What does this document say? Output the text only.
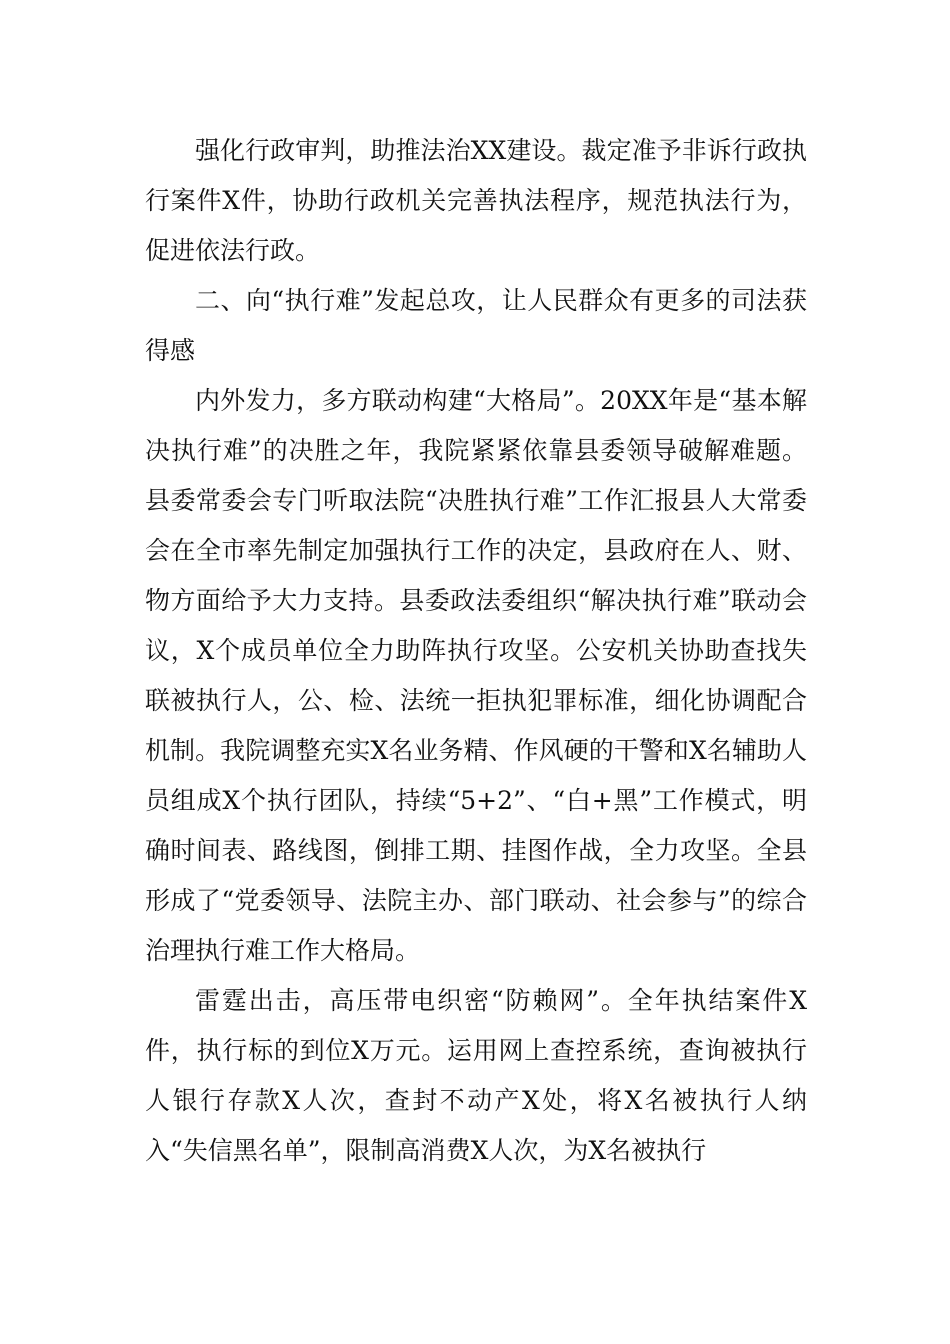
强化行政审判，助推法治XX建设。裁定准予非诉行政执行案件X件，协助行政机关完善执法程序，规范执法行为，促进依法行政。

二、向“执行难”发起总攻，让人民群众有更多的司法获得感

内外发力，多方联动构建“大格局”。20XX年是“基本解决执行难”的决胜之年，我院紧紧依靠县委领导破解难题。县委常委会专门听取法院“决胜执行难”工作汇报县人大常委会在全市率先制定加强执行工作的决定，县政府在人、财、物方面给予大力支持。县委政法委组织“解决执行难”联动会议，X个成员单位全力助阵执行攻坚。公安机关协助查找失联被执行人，公、检、法统一拒执犯罪标准，细化协调配合机制。我院调整充实X名业务精、作风硬的干警和X名辅助人员组成X个执行团队，持续“5+2”、“白+黑”工作模式，明确时间表、路线图，倒排工期、挂图作战，全力攻坚。全县形成了“党委领导、法院主办、部门联动、社会参与”的综合治理执行难工作大格局。

雷霆出击，高压带电织密“防赖网”。全年执结案件X件，执行标的到位X万元。运用网上查控系统，查询被执行人银行存款X人次，查封不动产X处，将X名被执行人纳入“失信黑名单”，限制高消费X人次，为X名被执行
